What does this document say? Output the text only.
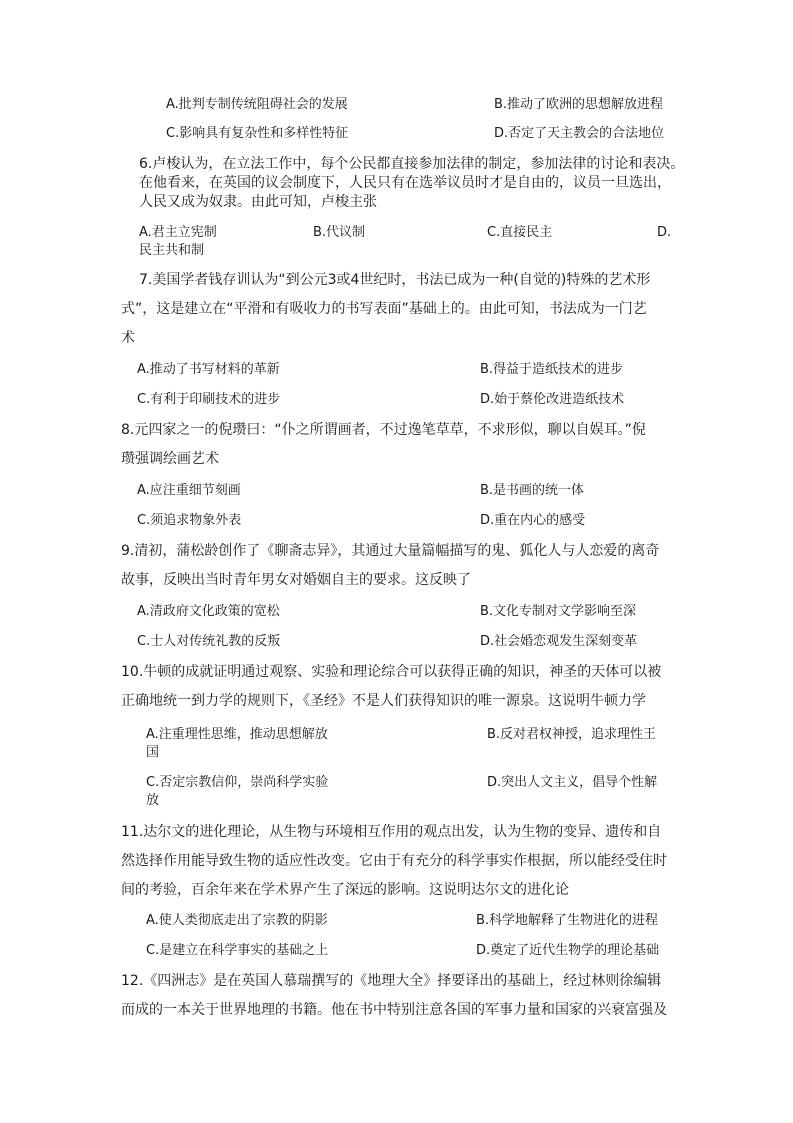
A.批判专制传统阻碍社会的发展	B.推动了欧洲的思想解放进程
C.影响具有复杂性和多样性特征	D.否定了天主教会的合法地位
6.卢梭认为，在立法工作中，每个公民都直接参加法律的制定，参加法律的讨论和表决。
在他看来，在英国的议会制度下，人民只有在选举议员时才是自由的，议员一旦选出，
人民又成为奴隶。由此可知，卢梭主张
A.君主立宪制	B.代议制	C.直接民主	D.
民主共和制
7.美国学者钱存训认为“到公元3或4世纪时，书法已成为一种(自觉的)特殊的艺术形
式”，这是建立在“平滑和有吸收力的书写表面”基础上的。由此可知，书法成为一门艺
术
A.推动了书写材料的革新	B.得益于造纸技术的进步
C.有利于印刷技术的进步	D.始于蔡伦改进造纸技术
8.元四家之一的倪瓒曰：“仆之所谓画者，不过逸笔草草，不求形似，聊以自娱耳。”倪
瓒强调绘画艺术
A.应注重细节刻画	B.是书画的统一体
C.须追求物象外表	D.重在内心的感受
9.清初，蒲松龄创作了《聊斋志异》，其通过大量篇幅描写的鬼、狐化人与人恋爱的离奇
故事，反映出当时青年男女对婚姻自主的要求。这反映了
A.清政府文化政策的宽松	B.文化专制对文学影响至深
C.士人对传统礼教的反叛	D.社会婚恋观发生深刻变革
10.牛顿的成就证明通过观察、实验和理论综合可以获得正确的知识，神圣的天体可以被
正确地统一到力学的规则下，《圣经》不是人们获得知识的唯一源泉。这说明牛顿力学
A.注重理性思维，推动思想解放	B.反对君权神授，追求理性王
国
C.否定宗教信仰，崇尚科学实验	D.突出人文主义，倡导个性解
放
11.达尔文的进化理论，从生物与环境相互作用的观点出发，认为生物的变异、遗传和自
然选择作用能导致生物的适应性改变。它由于有充分的科学事实作根据，所以能经受住时
间的考验，百余年来在学术界产生了深远的影响。这说明达尔文的进化论
A.使人类彻底走出了宗教的阴影	B.科学地解释了生物进化的进程
C.是建立在科学事实的基础之上	D.奠定了近代生物学的理论基础
12.《四洲志》是在英国人慕瑞撰写的《地理大全》择要译出的基础上，经过林则徐编辑
而成的一本关于世界地理的书籍。他在书中特别注意各国的军事力量和国家的兴衰富强及
